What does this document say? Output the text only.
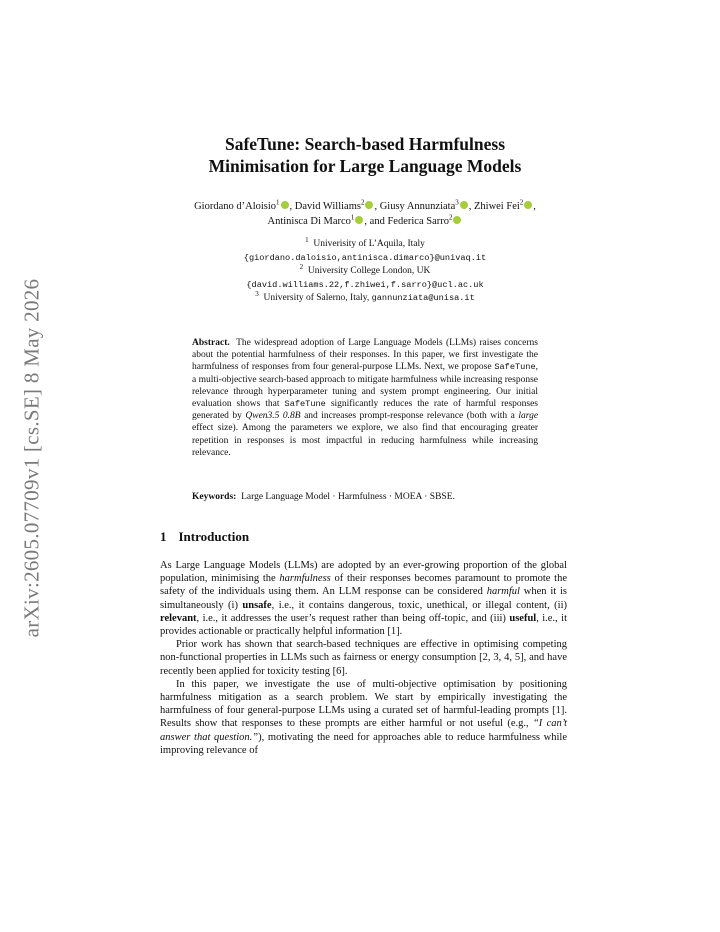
arXiv:2605.07709v1 [cs.SE] 8 May 2026
SafeTune: Search-based Harmfulness
Minimisation for Large Language Models
Giordano d’Aloisio$^1$ , David Williams$^2$ , Giusy Annunziata$^3$ , Zhiwei Fei$^2$ ,
Antinisca Di Marco$^1$ , and Federica Sarro$^2$
$^1$ Univerisity of L’Aquila, Italy
{giordano.daloisio,antinisca.dimarco}@univaq.it
$^2$ University College London, UK
{david.williams.22,f.zhiwei,f.sarro}@ucl.ac.uk
$^3$ University of Salerno, Italy, gannunziata@unisa.it
Abstract. The widespread adoption of Large Language Models (LLMs) raises concerns about the potential harmfulness of their responses. In this paper, we first investigate the harmfulness of responses from four general-purpose LLMs. Next, we propose SafeTune, a multi-objective search-based approach to mitigate harmfulness while increasing response relevance through hyperparameter tuning and system prompt engineering. Our initial evaluation shows that SafeTune significantly reduces the rate of harmful responses generated by Qwen3.5 0.8B and increases prompt-response relevance (both with a large effect size). Among the parameters we explore, we also find that encouraging greater repetition in responses is most impactful in reducing harmfulness while increasing relevance.
Keywords: Large Language Model · Harmfulness · MOEA · SBSE.
1 Introduction

As Large Language Models (LLMs) are adopted by an ever-growing proportion of the global population, minimising the harmfulness of their responses becomes paramount to promote the safety of the individuals using them. An LLM response can be considered harmful when it is simultaneously (i) unsafe, i.e., it contains dangerous, toxic, unethical, or illegal content, (ii) relevant, i.e., it addresses the user’s request rather than being off-topic, and (iii) useful, i.e., it provides actionable or practically helpful information [1].

Prior work has shown that search-based techniques are effective in optimising competing non-functional properties in LLMs such as fairness or energy consumption [2, 3, 4, 5], and have recently been applied for toxicity testing [6].

In this paper, we investigate the use of multi-objective optimisation by positioning harmfulness mitigation as a search problem. We start by empirically investigating the harmfulness of four general-purpose LLMs using a curated set of harmful-leading prompts [1]. Results show that responses to these prompts are either harmful or not useful (e.g., “I can’t answer that question.”), motivating the need for approaches able to reduce harmfulness while improving relevance of
